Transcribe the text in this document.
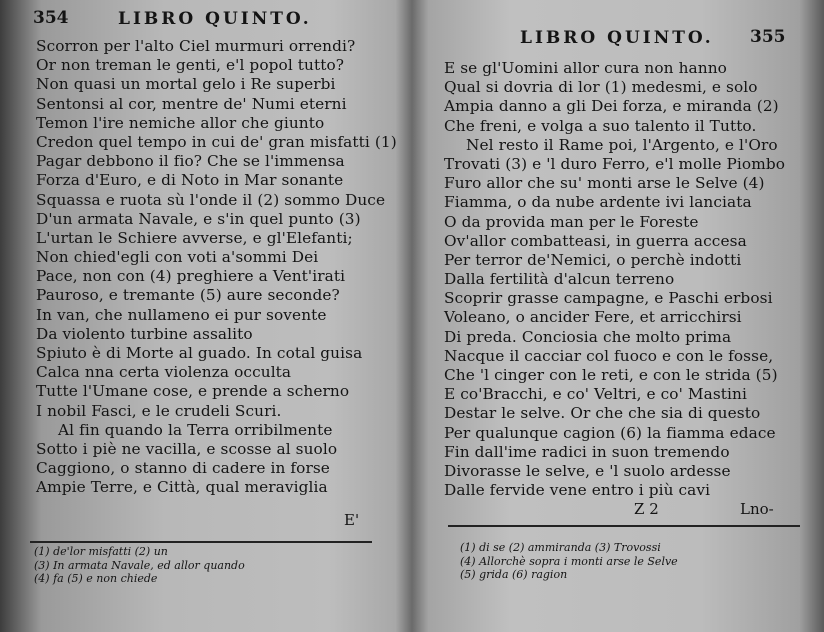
354	LIBRO QUINTO.
Scorron per l'alto Ciel murmuri orrendi?
Or non treman le genti, e'l popol tutto?
Non quasi un mortal gelo i Re superbi
Sentonsi al cor, mentre de' Numi eterni
Temon l'ire nemiche allor che giunto
Credon quel tempo in cui de' gran misfatti (1)
Pagar debbono il fio? Che se l'immensa
Forza d'Euro, e di Noto in Mar sonante
Squassa e ruota sù l'onde il (2) sommo Duce
D'un armata Navale, e s'in quel punto (3)
L'urtan le Schiere avverse, e gl'Elefanti;
Non chied'egli con voti a'sommi Dei
Pace, non con (4) preghiere a Vent'irati
Pauroso, e tremante (5) aure seconde?
In van, che nullameno ei pur sovente
Da violento turbine assalito
Spiuto è di Morte al guado. In cotal guisa
Calca nna certa violenza occulta
Tutte l'Umane cose, e prende a scherno
I nobil Fasci, e le crudeli Scuri.
Al fin quando la Terra orribilmente
Sotto i piè ne vacilla, e scosse al suolo
Caggiono, o stanno di cadere in forse
Ampie Terre, e Città, qual meraviglia
E'
(1) de'lor misfatti (2) un
(3) In armata Navale, ed allor quando
(4) fa (5) e non chiede
LIBRO QUINTO. 355
E se gl'Uomini allor cura non hanno
Qual si dovria di lor (1) medesmi, e solo
Ampia danno a gli Dei forza, e miranda (2)
Che freni, e volga a suo talento il Tutto.
Nel resto il Rame poi, l'Argento, e l'Oro
Trovati (3) e 'l duro Ferro, e'l molle Piombo
Furo allor che su' monti arse le Selve (4)
Fiamma, o da nube ardente ivi lanciata
O da provida man per le Foreste
Ov'allor combatteasi, in guerra accesa
Per terror de'Nemici, o perchè indotti
Dalla fertilità d'alcun terreno
Scoprir grasse campagne, e Paschi erbosi
Voleano, o ancider Fere, et arricchirsi
Di preda. Conciosia che molto prima
Nacque il cacciar col fuoco e con le fosse,
Che 'l cinger con le reti, e con le strida (5)
E co'Bracchi, e co' Veltri, e co' Mastini
Destar le selve. Or che che sia di questo
Per qualunque cagion (6) la fiamma edace
Fin dall'ime radici in suon tremendo
Divorasse le selve, e 'l suolo ardesse
Dalle fervide vene entro i più cavi
Z 2	Lno-
(1) di se (2) ammiranda (3) Trovossi
(4) Allorchè sopra i monti arse le Selve
(5) grida (6) ragion
